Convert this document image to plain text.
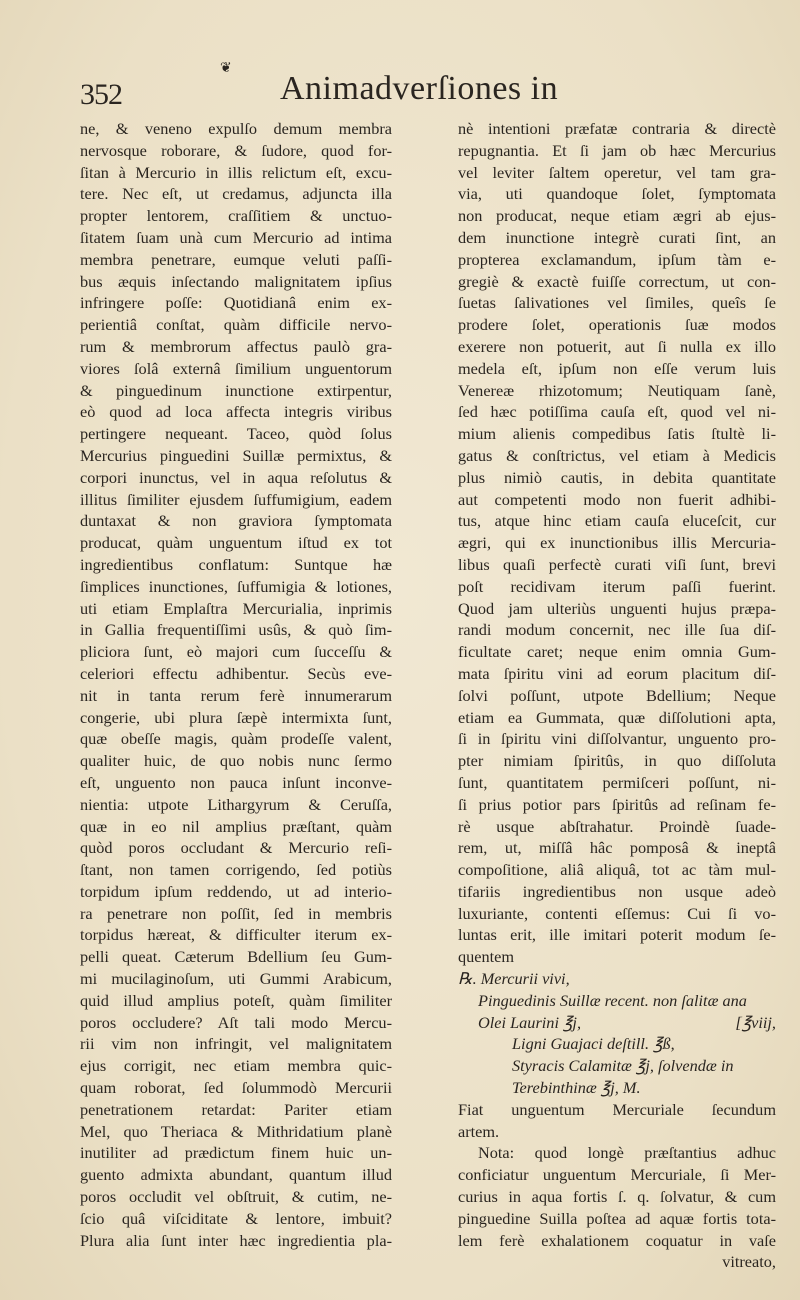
352
❦
Animadverſiones in
ne, & veneno expulſo demum membra
nervosque roborare, & ſudore, quod for-
ſitan à Mercurio in illis relictum eſt, excu-
tere. Nec eſt, ut credamus, adjuncta illa
propter lentorem, craſſitiem & unctuo-
ſitatem ſuam unà cum Mercurio ad intima
membra penetrare, eumque veluti paſſi-
bus æquis inſectando malignitatem ipſius
infringere poſſe: Quotidianâ enim ex-
perientiâ conſtat, quàm difficile nervo-
rum & membrorum affectus paulò gra-
viores ſolâ externâ ſimilium unguentorum
& pinguedinum inunctione extirpentur,
eò quod ad loca affecta integris viribus
pertingere nequeant. Taceo, quòd ſolus
Mercurius pinguedini Suillæ permixtus, &
corpori inunctus, vel in aqua reſolutus &
illitus ſimiliter ejusdem ſuffumigium, eadem
duntaxat & non graviora ſymptomata
producat, quàm unguentum iſtud ex tot
ingredientibus conflatum: Suntque hæ
ſimplices inunctiones, ſuffumigia & lotiones,
uti etiam Emplaſtra Mercurialia, inprimis
in Gallia frequentiſſimi usûs, & quò ſim-
pliciora ſunt, eò majori cum ſucceſſu &
celeriori effectu adhibentur. Secùs eve-
nit in tanta rerum ferè innumerarum
congerie, ubi plura ſæpè intermixta ſunt,
quæ obeſſe magis, quàm prodeſſe valent,
qualiter huic, de quo nobis nunc ſermo
eſt, unguento non pauca inſunt inconve-
nientia: utpote Lithargyrum & Ceruſſa,
quæ in eo nil amplius præſtant, quàm
quòd poros occludant & Mercurio reſi-
ſtant, non tamen corrigendo, ſed potiùs
torpidum ipſum reddendo, ut ad interio-
ra penetrare non poſſit, ſed in membris
torpidus hæreat, & difficulter iterum ex-
pelli queat. Cæterum Bdellium ſeu Gum-
mi mucilaginoſum, uti Gummi Arabicum,
quid illud amplius poteſt, quàm ſimiliter
poros occludere? Aſt tali modo Mercu-
rii vim non infringit, vel malignitatem
ejus corrigit, nec etiam membra quic-
quam roborat, ſed ſolummodò Mercurii
penetrationem retardat: Pariter etiam
Mel, quo Theriaca & Mithridatium planè
inutiliter ad prædictum finem huic un-
guento admixta abundant, quantum illud
poros occludit vel obſtruit, & cutim, ne-
ſcio quâ viſciditate & lentore, imbuit?
Plura alia ſunt inter hæc ingredientia pla-
nè intentioni præfatæ contraria & directè
repugnantia. Et ſi jam ob hæc Mercurius
vel leviter ſaltem operetur, vel tam gra-
via, uti quandoque ſolet, ſymptomata
non producat, neque etiam ægri ab ejus-
dem inunctione integrè curati ſint, an
propterea exclamandum, ipſum tàm e-
gregiè & exactè fuiſſe correctum, ut con-
ſuetas ſalivationes vel ſimiles, queîs ſe
prodere ſolet, operationis ſuæ modos
exerere non potuerit, aut ſi nulla ex illo
medela eſt, ipſum non eſſe verum luis
Venereæ rhizotomum; Neutiquam ſanè,
ſed hæc potiſſima cauſa eſt, quod vel ni-
mium alienis compedibus ſatis ſtultè li-
gatus & conſtrictus, vel etiam à Medicis
plus nimiò cautis, in debita quantitate
aut competenti modo non fuerit adhibi-
tus, atque hinc etiam cauſa eluceſcit, cur
ægri, qui ex inunctionibus illis Mercuria-
libus quaſi perfectè curati viſi ſunt, brevi
poſt recidivam iterum paſſi fuerint.
Quod jam ulteriùs unguenti hujus præpa-
randi modum concernit, nec ille ſua diſ-
ficultate caret; neque enim omnia Gum-
mata ſpiritu vini ad eorum placitum diſ-
ſolvi poſſunt, utpote Bdellium; Neque
etiam ea Gummata, quæ diſſolutioni apta,
ſi in ſpiritu vini diſſolvantur, unguento pro-
pter nimiam ſpiritûs, in quo diſſoluta
ſunt, quantitatem permiſceri poſſunt, ni-
ſi prius potior pars ſpiritûs ad reſinam fe-
rè usque abſtrahatur. Proindè ſuade-
rem, ut, miſſâ hâc pomposâ & ineptâ
compoſitione, aliâ aliquâ, tot ac tàm mul-
tifariis ingredientibus non usque adeò
luxuriante, contenti eſſemus: Cui ſi vo-
luntas erit, ille imitari poterit modum ſe-
quentem
℞. Mercurii vivi,
Pinguedinis Suillæ recent. non ſalitæ ana
Olei Laurini ℥j,	[℥viij,
Ligni Guajaci deſtill. ℥ß,
Styracis Calamitæ ℥j, ſolvendæ in
Terebinthinæ ℥j, M.
Fiat unguentum Mercuriale ſecundum
artem.
Nota: quod longè præſtantius adhuc
conficiatur unguentum Mercuriale, ſi Mer-
curius in aqua fortis ſ. q. ſolvatur, & cum
pinguedine Suilla poſtea ad aquæ fortis tota-
lem ferè exhalationem coquatur in vaſe
vitreato,
